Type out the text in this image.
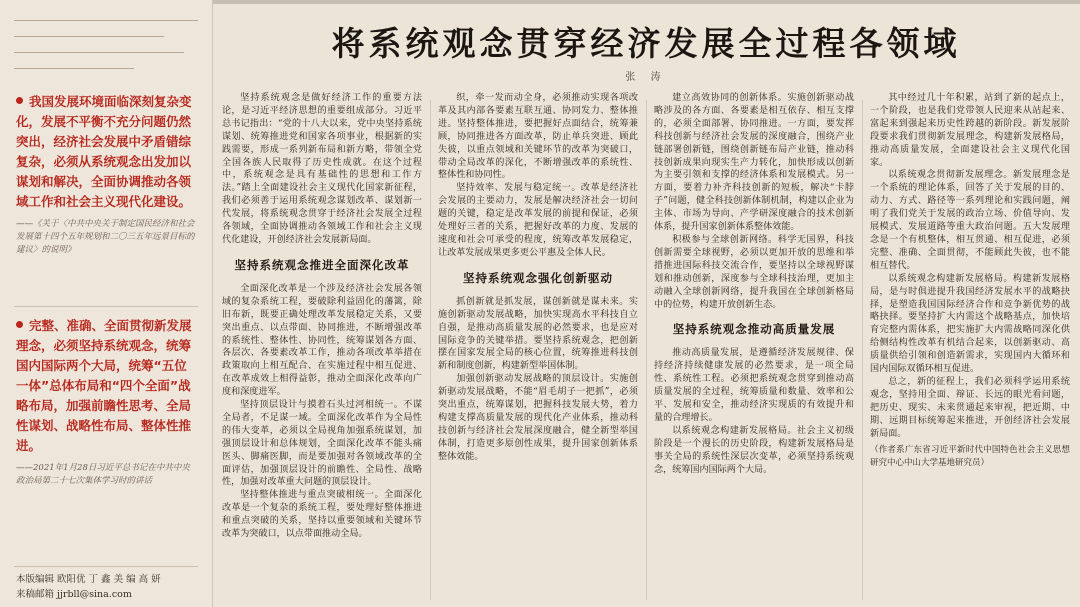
我国发展环境面临深刻复杂变化，发展不平衡不充分问题仍然突出，经济社会发展中矛盾错综复杂，必须从系统观念出发加以谋划和解决，全面协调推动各领域工作和社会主义现代化建设。

——《关于〈中共中央关于制定国民经济和社会发展第十四个五年规划和二〇三五年远景目标的建议〉的说明》

完整、准确、全面贯彻新发展理念，必须坚持系统观念，统筹国内国际两个大局，统筹“五位一体”总体布局和“四个全面”战略布局，加强前瞻性思考、全局性谋划、战略性布局、整体性推进。

——2021年1月28日习近平总书记在中共中央政治局第二十七次集体学习时的讲话
本版编辑 欧阳优 丁 鑫 美 编 高 妍
来稿邮箱 jjrbll@sina.com
将系统观念贯穿经济发展全过程各领域
张 涛

坚持系统观念是做好经济工作的重要方法论，是习近平经济思想的重要组成部分。习近平总书记指出：“党的十八大以来，党中央坚持系统谋划、统筹推进党和国家各项事业，根据新的实践需要，形成一系列新布局和新方略，带领全党全国各族人民取得了历史性成就。在这个过程中，系统观念是具有基础性的思想和工作方法。”踏上全面建设社会主义现代化国家新征程，我们必须善于运用系统观念谋划改革、谋划新一代发展，将系统观念贯穿于经济社会发展全过程各领域，全面协调推动各领域工作和社会主义现代化建设，开创经济社会发展新局面。

坚持系统观念推进全面深化改革

全面深化改革是一个涉及经济社会发展各领域的复杂系统工程，要破除利益固化的藩篱，除旧布新，既要正确处理改革发展稳定关系，又要突出重点、以点带面、协同推进，不断增强改革的系统性、整体性、协同性，统筹谋划各方面、各层次、各要素改革工作，推动各项改革举措在政策取向上相互配合、在实施过程中相互促进、在改革成效上相得益彰，推动全面深化改革向广度和深度进军。

坚持顶层设计与摸着石头过河相统一。不谋全局者，不足谋一域。全面深化改革作为全局性的伟大变革，必须以全局视角加强系统谋划，加强顶层设计和总体规划，全面深化改革不能头痛医头、脚痛医脚，而是要加强对各领域改革的全面评估，加强顶层设计的前瞻性、全局性、战略性，加强对改革重大问题的顶层设计。

坚持整体推进与重点突破相统一。全面深化改革是一个复杂的系统工程，要处理好整体推进和重点突破的关系，坚持以重要领域和关键环节改革为突破口，以点带面推动全局。

织，牵一发而动全身，必须推动实现各项改革及其内部各要素互联互通、协同发力、整体推进。坚持整体推进，要把握好点面结合，统筹兼顾，协同推进各方面改革，防止单兵突进、顾此失彼，以重点领域和关键环节的改革为突破口，带动全局改革的深化，不断增强改革的系统性、整体性和协同性。

坚持效率、发展与稳定统一。改革是经济社会发展的主要动力，发展是解决经济社会一切问题的关键，稳定是改革发展的前提和保证，必须处理好三者的关系，把握好改革的力度、发展的速度和社会可承受的程度，统筹改革发展稳定，让改革发展成果更多更公平惠及全体人民。

坚持系统观念强化创新驱动

抓创新就是抓发展，谋创新就是谋未来。实施创新驱动发展战略，加快实现高水平科技自立自强，是推动高质量发展的必然要求，也是应对国际竞争的关键举措。要坚持系统观念，把创新摆在国家发展全局的核心位置，统筹推进科技创新和制度创新，构建新型举国体制。

加强创新驱动发展战略的顶层设计。实施创新驱动发展战略，不能“眉毛胡子一把抓”，必须突出重点，统筹谋划，把握科技发展大势，着力构建支撑高质量发展的现代化产业体系，推动科技创新与经济社会发展深度融合，健全新型举国体制，打造更多原创性成果，提升国家创新体系整体效能。

建立高效协同的创新体系。实施创新驱动战略涉及的各方面、各要素是相互依存、相互支撑的，必须全面部署、协同推进。一方面，要发挥科技创新与经济社会发展的深度融合，围绕产业链部署创新链，围绕创新链布局产业链，推动科技创新成果向现实生产力转化，加快形成以创新为主要引领和支撑的经济体系和发展模式。另一方面，要着力补齐科技创新的短板，解决“卡脖子”问题，健全科技创新体制机制，构建以企业为主体、市场为导向、产学研深度融合的技术创新体系，提升国家创新体系整体效能。

积极参与全球创新网络。科学无国界，科技创新需要全球视野，必须以更加开放的思维和举措推进国际科技交流合作，要坚持以全球视野谋划和推动创新，深度参与全球科技治理，更加主动融入全球创新网络，提升我国在全球创新格局中的位势，构建开放创新生态。

坚持系统观念推动高质量发展

推动高质量发展，是遵循经济发展规律、保持经济持续健康发展的必然要求，是一项全局性、系统性工程。必须把系统观念贯穿到推动高质量发展的全过程，统筹质量和数量、效率和公平、发展和安全，推动经济实现质的有效提升和量的合理增长。

以系统观念构建新发展格局。社会主义初级阶段是一个漫长的历史阶段，构建新发展格局是事关全局的系统性深层次变革，必须坚持系统观念，统筹国内国际两个大局。

其中经过几十年积累，站到了新的起点上，一个阶段，也是我们党带领人民迎来从站起来、富起来到强起来历史性跨越的新阶段。新发展阶段要求我们贯彻新发展理念，构建新发展格局，推动高质量发展，全面建设社会主义现代化国家。

以系统观念贯彻新发展理念。新发展理念是一个系统的理论体系，回答了关于发展的目的、动力、方式、路径等一系列理论和实践问题，阐明了我们党关于发展的政治立场、价值导向、发展模式、发展道路等重大政治问题。五大发展理念是一个有机整体，相互贯通、相互促进，必须完整、准确、全面贯彻，不能顾此失彼，也不能相互替代。

以系统观念构建新发展格局。构建新发展格局，是与时俱进提升我国经济发展水平的战略抉择，是塑造我国国际经济合作和竞争新优势的战略抉择。要坚持扩大内需这个战略基点，加快培育完整内需体系，把实施扩大内需战略同深化供给侧结构性改革有机结合起来，以创新驱动、高质量供给引领和创造新需求，实现国内大循环和国内国际双循环相互促进。

总之，新的征程上，我们必须科学运用系统观念，坚持用全面、辩证、长远的眼光看问题，把历史、现实、未来贯通起来审视，把近期、中期、远期目标统筹起来推进，开创经济社会发展新局面。

（作者系广东省习近平新时代中国特色社会主义思想研究中心中山大学基地研究员）
